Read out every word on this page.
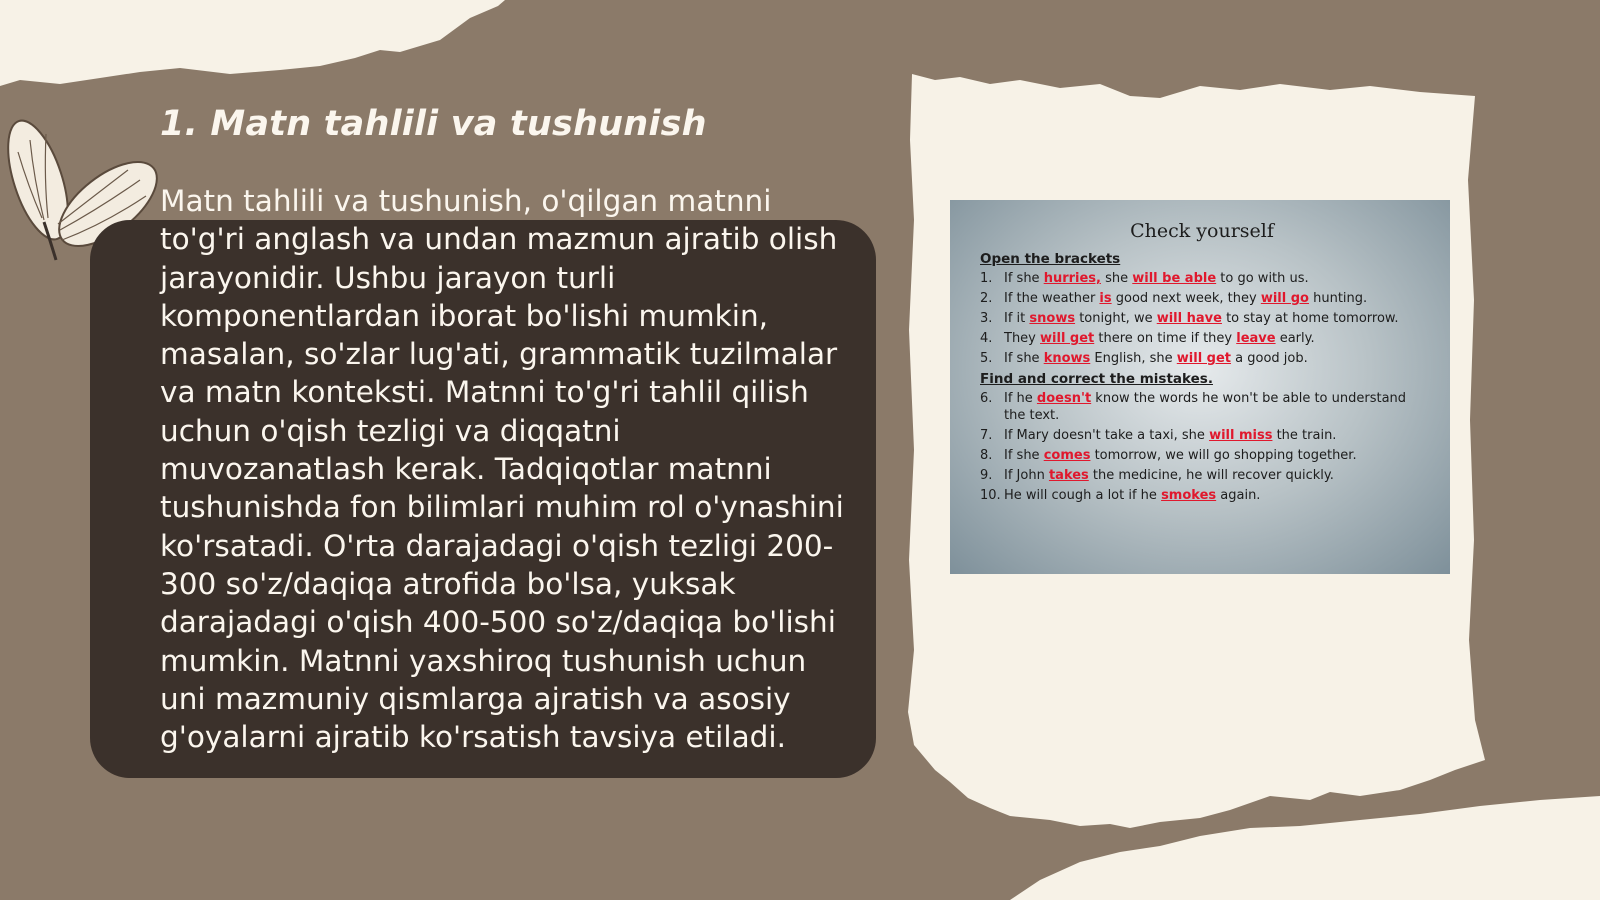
1. Matn tahlili va tushunish

Matn tahlili va tushunish, o'qilgan matnni to'g'ri anglash va undan mazmun ajratib olish jarayonidir. Ushbu jarayon turli komponentlardan iborat bo'lishi mumkin, masalan, so'zlar lug'ati, grammatik tuzilmalar va matn konteksti. Matnni to'g'ri tahlil qilish uchun o'qish tezligi va diqqatni muvozanatlash kerak. Tadqiqotlar matnni tushunishda fon bilimlari muhim rol o'ynashini ko'rsatadi. O'rta darajadagi o'qish tezligi 200-300 so'z/daqiqa atrofida bo'lsa, yuksak darajadagi o'qish 400-500 so'z/daqiqa bo'lishi mumkin. Matnni yaxshiroq tushunish uchun uni mazmuniy qismlarga ajratish va asosiy g'oyalarni ajratib ko'rsatish tavsiya etiladi.

Check yourself
Open the brackets
1. If she hurries, she will be able to go with us.
2. If the weather is good next week, they will go hunting.
3. If it snows tonight, we will have to stay at home tomorrow.
4. They will get there on time if they leave early.
5. If she knows English, she will get a good job.
Find and correct the mistakes.
6. If he doesn't know the words he won't be able to understand the text.
7. If Mary doesn't take a taxi, she will miss the train.
8. If she comes tomorrow, we will go shopping together.
9. If John takes the medicine, he will recover quickly.
10. He will cough a lot if he smokes again.
